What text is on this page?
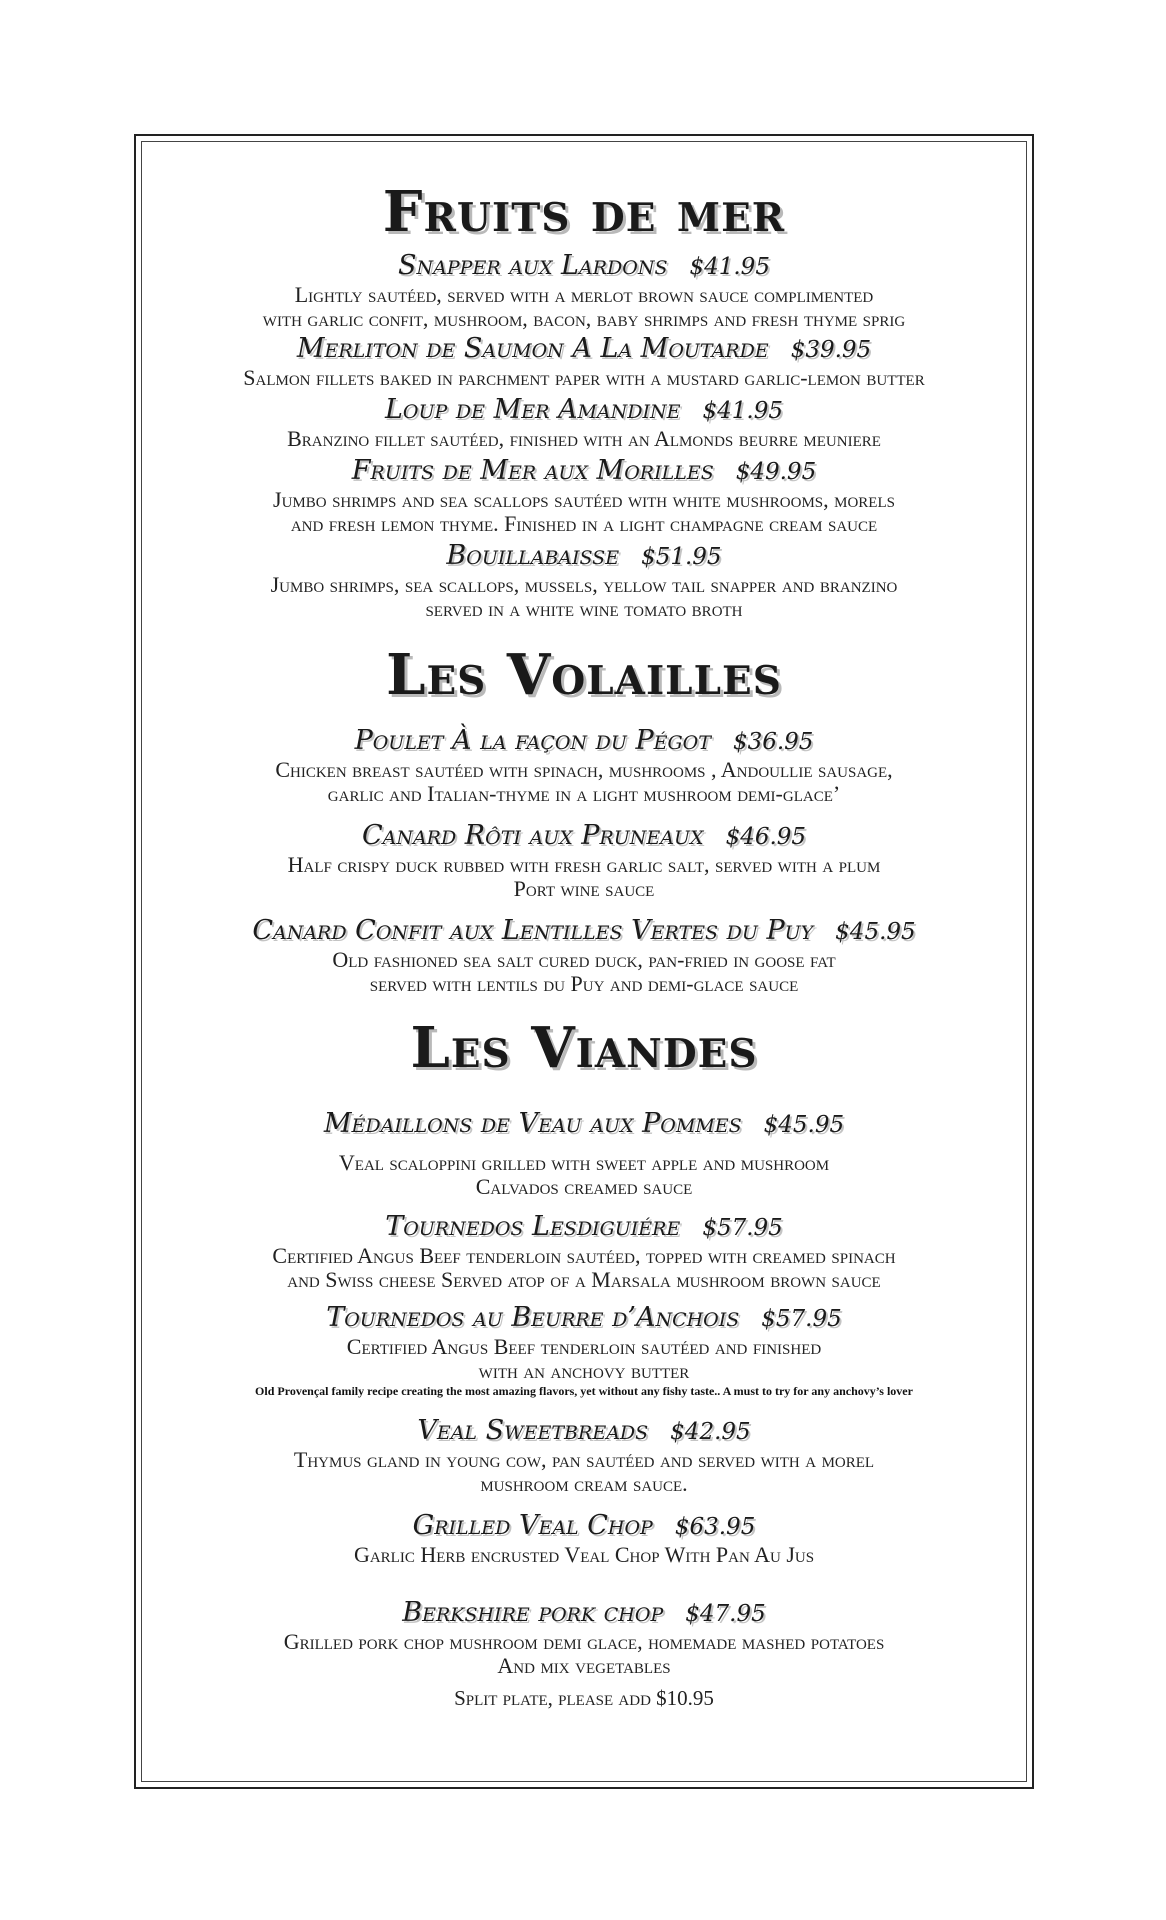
Fruits de mer

Snapper aux Lardons $41.95

Lightly sautéed, served with a merlot brown sauce complimented
with garlic confit, mushroom, bacon, baby shrimps and fresh thyme sprig

Merliton de Saumon A La Moutarde $39.95

Salmon fillets baked in parchment paper with a mustard garlic-lemon butter

Loup de Mer Amandine $41.95

Branzino fillet sautéed, finished with an Almonds beurre meuniere

Fruits de Mer aux Morilles $49.95

Jumbo shrimps and sea scallops sautéed with white mushrooms, morels
and fresh lemon thyme. Finished in a light champagne cream sauce

Bouillabaisse $51.95

Jumbo shrimps, sea scallops, mussels, yellow tail snapper and branzino
served in a white wine tomato broth

Les Volailles

Poulet À la façon du Pégot $36.95

Chicken breast sautéed with spinach, mushrooms , Andoullie sausage,
garlic and Italian-thyme in a light mushroom demi-glace’

Canard Rôti aux Pruneaux $46.95

Half crispy duck rubbed with fresh garlic salt, served with a plum
Port wine sauce

Canard Confit aux Lentilles Vertes du Puy $45.95

Old fashioned sea salt cured duck, pan-fried in goose fat
served with lentils du Puy and demi-glace sauce

Les Viandes

Médaillons de Veau aux Pommes $45.95

Veal scaloppini grilled with sweet apple and mushroom
Calvados creamed sauce

Tournedos Lesdiguiére $57.95

Certified Angus Beef tenderloin sautéed, topped with creamed spinach
and Swiss cheese Served atop of a Marsala mushroom brown sauce

Tournedos au Beurre d’Anchois $57.95

Certified Angus Beef tenderloin sautéed and finished
with an anchovy butter

Old Provençal family recipe creating the most amazing flavors, yet without any fishy taste.. A must to try for any anchovy’s lover

Veal Sweetbreads $42.95

Thymus gland in young cow, pan sautéed and served with a morel
mushroom cream sauce.

Grilled Veal Chop $63.95

Garlic Herb encrusted Veal Chop With Pan Au Jus

Berkshire pork chop $47.95

Grilled pork chop mushroom demi glace, homemade mashed potatoes
And mix vegetables

Split plate, please add $10.95
